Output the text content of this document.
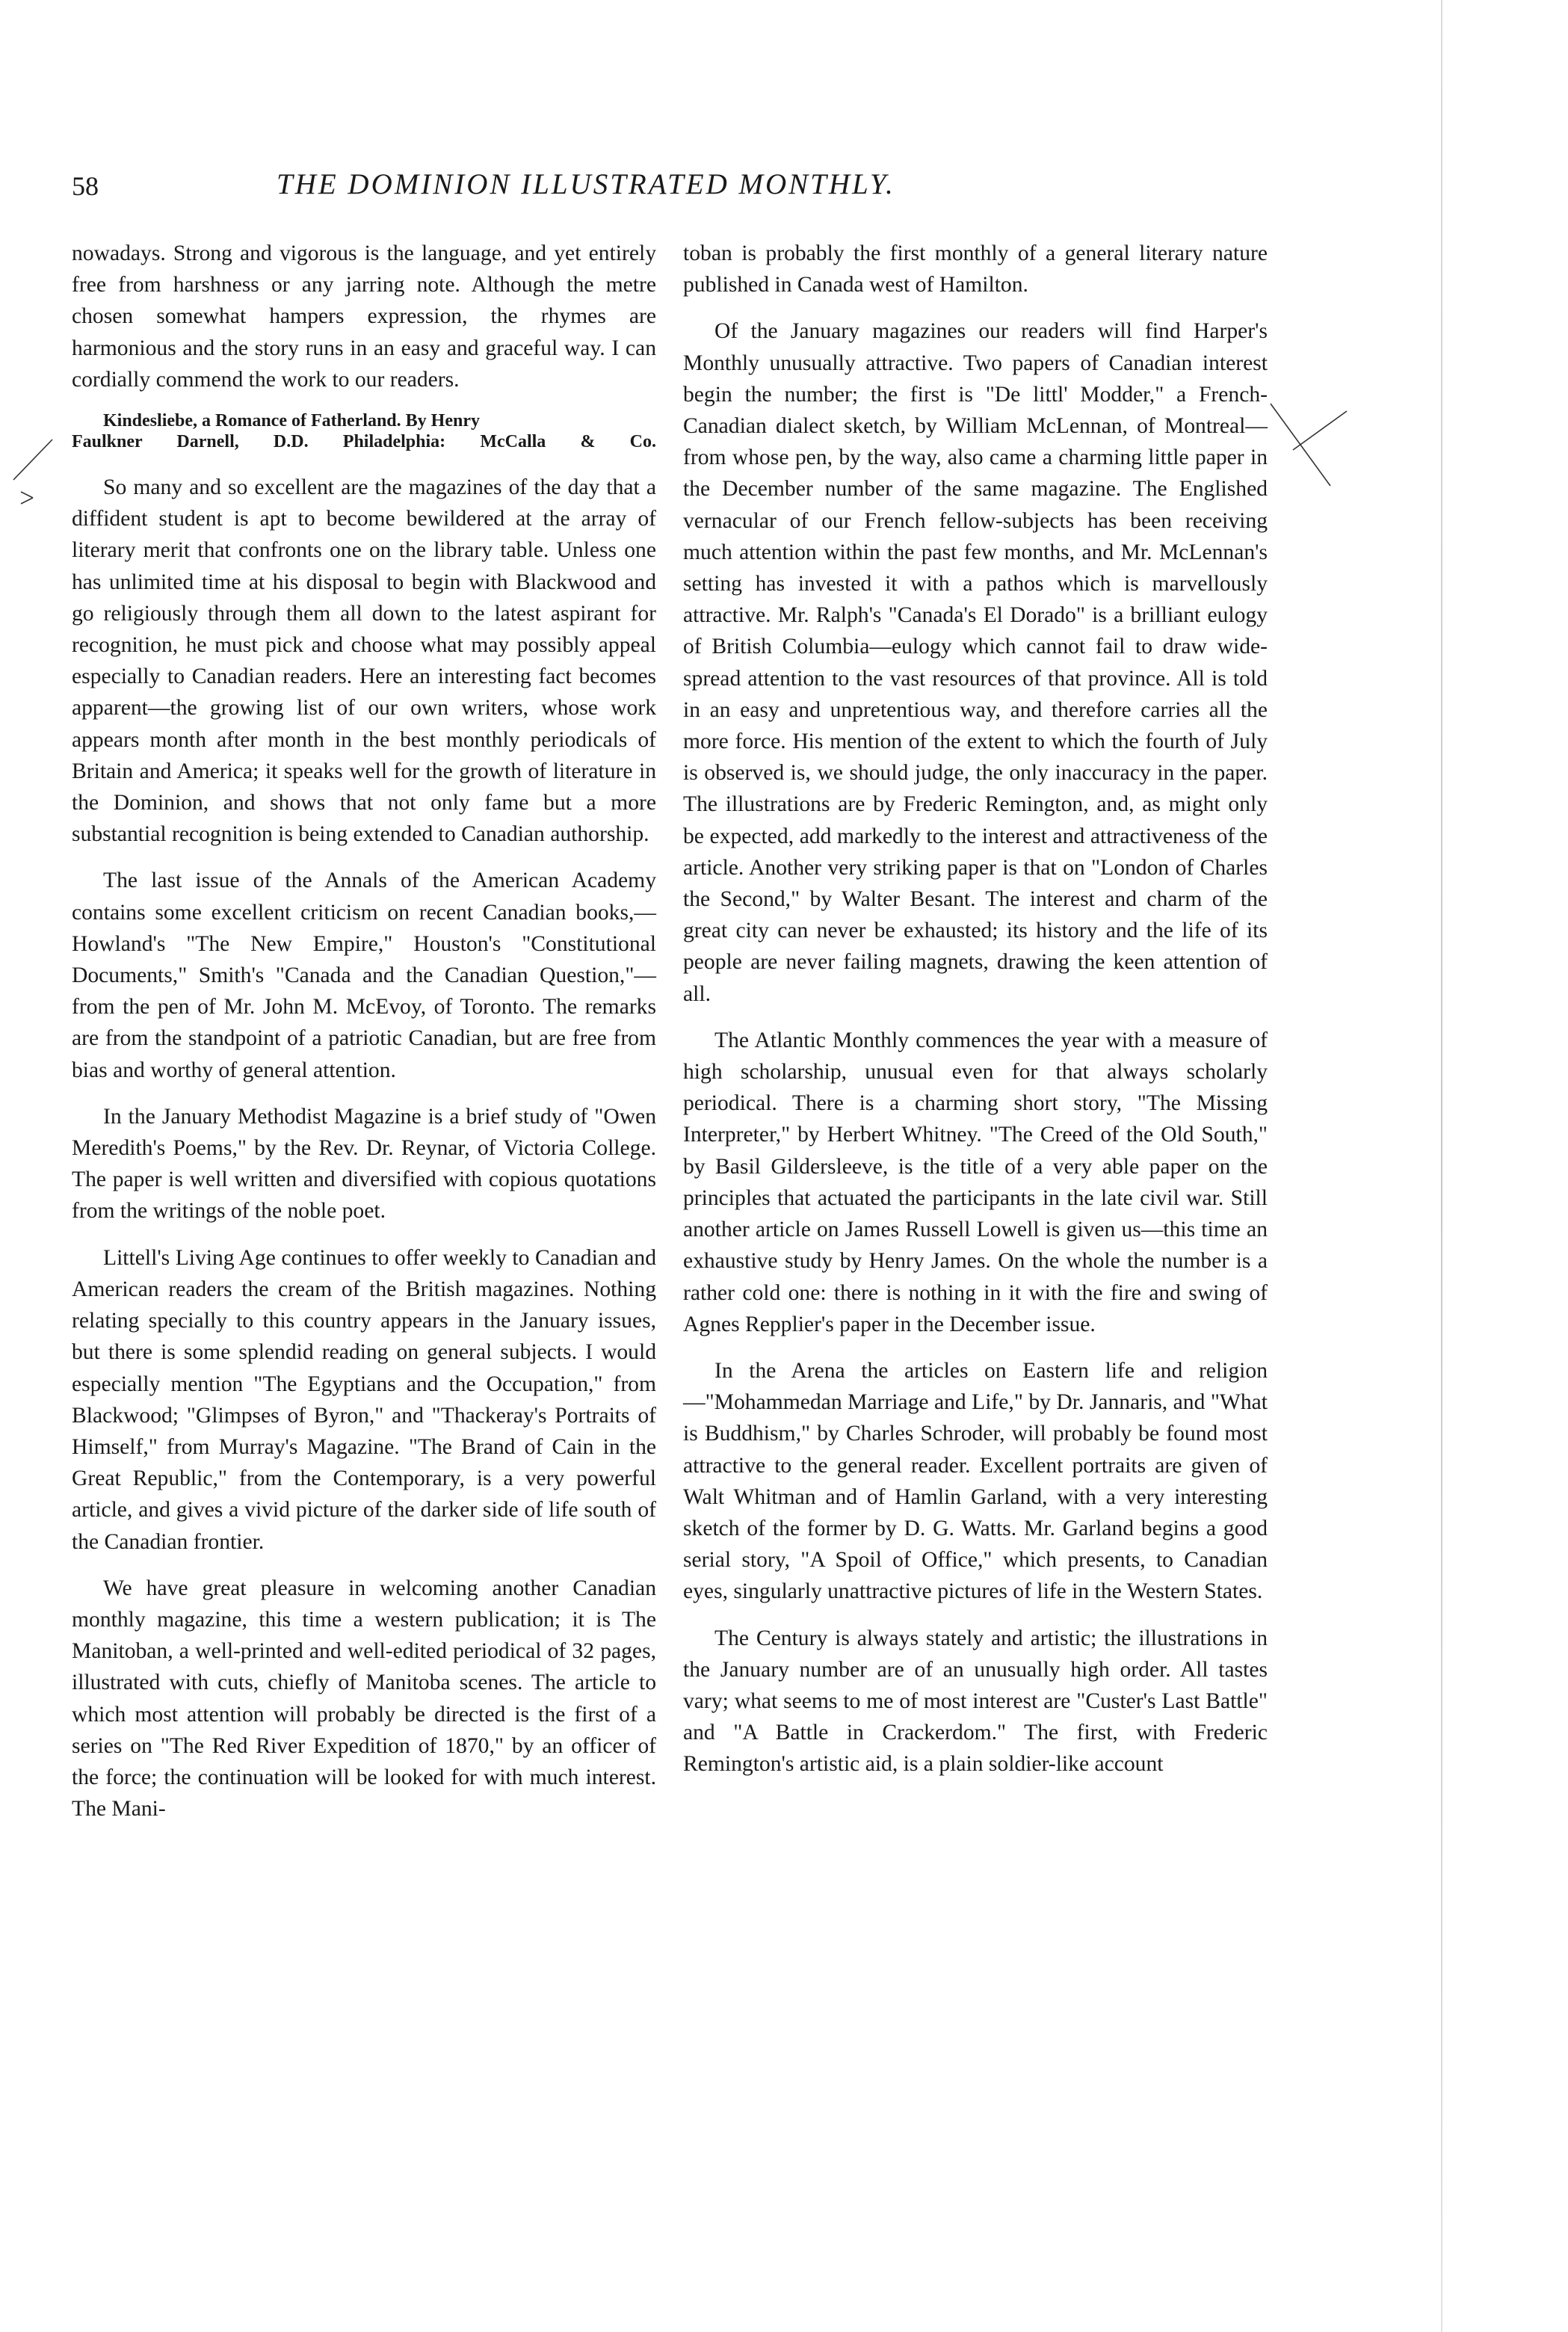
58	THE DOMINION ILLUSTRATED MONTHLY.

nowadays. Strong and vigorous is the language, and yet entirely free from harshness or any jarring note. Although the metre chosen somewhat hampers expression, the rhymes are harmonious and the story runs in an easy and graceful way. I can cordially commend the work to our readers.

Kindesliebe, a Romance of Fatherland. By Henry
Faulkner Darnell, D.D. Philadelphia: McCalla & Co.

So many and so excellent are the magazines of the day that a diffident student is apt to become bewildered at the array of literary merit that confronts one on the library table. Unless one has unlimited time at his disposal to begin with Blackwood and go religiously through them all down to the latest aspirant for recognition, he must pick and choose what may possibly appeal especially to Canadian readers. Here an interesting fact becomes apparent—the growing list of our own writers, whose work appears month after month in the best monthly periodicals of Britain and America; it speaks well for the growth of literature in the Dominion, and shows that not only fame but a more substantial recognition is being extended to Canadian authorship.

The last issue of the Annals of the American Academy contains some excellent criticism on recent Canadian books,—Howland's "The New Empire," Houston's "Constitutional Documents," Smith's "Canada and the Canadian Question,"—from the pen of Mr. John M. McEvoy, of Toronto. The remarks are from the standpoint of a patriotic Canadian, but are free from bias and worthy of general attention.

In the January Methodist Magazine is a brief study of "Owen Meredith's Poems," by the Rev. Dr. Reynar, of Victoria College. The paper is well written and diversified with copious quotations from the writings of the noble poet.

Littell's Living Age continues to offer weekly to Canadian and American readers the cream of the British magazines. Nothing relating specially to this country appears in the January issues, but there is some splendid reading on general subjects. I would especially mention "The Egyptians and the Occupation," from Blackwood; "Glimpses of Byron," and "Thackeray's Portraits of Himself," from Murray's Magazine. "The Brand of Cain in the Great Republic," from the Contemporary, is a very powerful article, and gives a vivid picture of the darker side of life south of the Canadian frontier.

We have great pleasure in welcoming another Canadian monthly magazine, this time a western publication; it is The Manitoban, a well-printed and well-edited periodical of 32 pages, illustrated with cuts, chiefly of Manitoba scenes. The article to which most attention will probably be directed is the first of a series on "The Red River Expedition of 1870," by an officer of the force; the continuation will be looked for with much interest. The Mani-

toban is probably the first monthly of a general literary nature published in Canada west of Hamilton.

Of the January magazines our readers will find Harper's Monthly unusually attractive. Two papers of Canadian interest begin the number; the first is "De littl' Modder," a French-Canadian dialect sketch, by William McLennan, of Montreal—from whose pen, by the way, also came a charming little paper in the December number of the same magazine. The Englished vernacular of our French fellow-subjects has been receiving much attention within the past few months, and Mr. McLennan's setting has invested it with a pathos which is marvellously attractive. Mr. Ralph's "Canada's El Dorado" is a brilliant eulogy of British Columbia—eulogy which cannot fail to draw wide-spread attention to the vast resources of that province. All is told in an easy and unpretentious way, and therefore carries all the more force. His mention of the extent to which the fourth of July is observed is, we should judge, the only inaccuracy in the paper. The illustrations are by Frederic Remington, and, as might only be expected, add markedly to the interest and attractiveness of the article. Another very striking paper is that on "London of Charles the Second," by Walter Besant. The interest and charm of the great city can never be exhausted; its history and the life of its people are never failing magnets, drawing the keen attention of all.

The Atlantic Monthly commences the year with a measure of high scholarship, unusual even for that always scholarly periodical. There is a charming short story, "The Missing Interpreter," by Herbert Whitney. "The Creed of the Old South," by Basil Gildersleeve, is the title of a very able paper on the principles that actuated the participants in the late civil war. Still another article on James Russell Lowell is given us—this time an exhaustive study by Henry James. On the whole the number is a rather cold one: there is nothing in it with the fire and swing of Agnes Repplier's paper in the December issue.

In the Arena the articles on Eastern life and religion—"Mohammedan Marriage and Life," by Dr. Jannaris, and "What is Buddhism," by Charles Schroder, will probably be found most attractive to the general reader. Excellent portraits are given of Walt Whitman and of Hamlin Garland, with a very interesting sketch of the former by D. G. Watts. Mr. Garland begins a good serial story, "A Spoil of Office," which presents, to Canadian eyes, singularly unattractive pictures of life in the Western States.

The Century is always stately and artistic; the illustrations in the January number are of an unusually high order. All tastes vary; what seems to me of most interest are "Custer's Last Battle" and "A Battle in Crackerdom." The first, with Frederic Remington's artistic aid, is a plain soldier-like account
